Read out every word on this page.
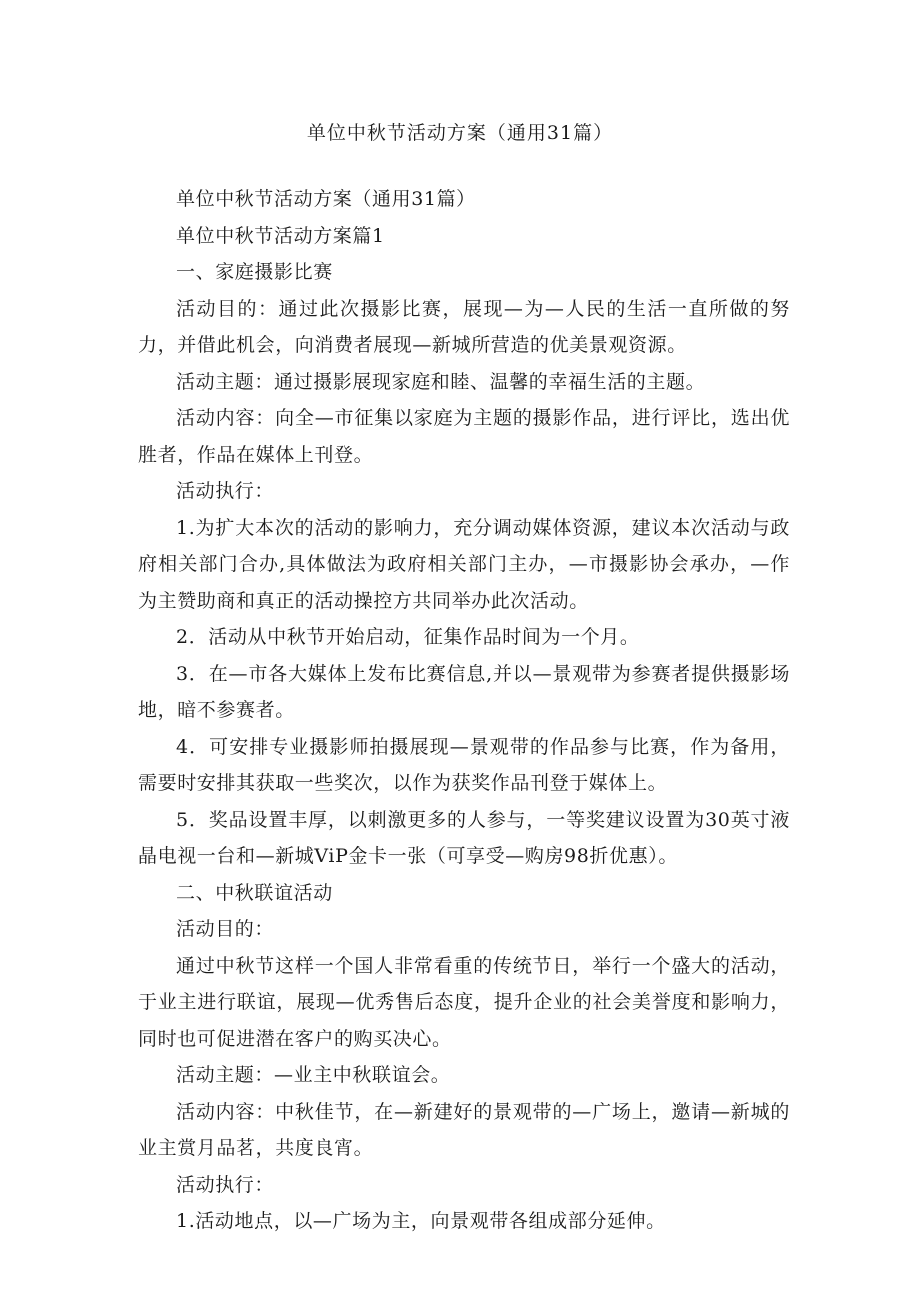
单位中秋节活动方案（通用31篇）

单位中秋节活动方案（通用31篇）

单位中秋节活动方案篇1

一、家庭摄影比赛

活动目的：通过此次摄影比赛，展现—为—人民的生活一直所做的努力，并借此机会，向消费者展现—新城所营造的优美景观资源。

活动主题：通过摄影展现家庭和睦、温馨的幸福生活的主题。

活动内容：向全—市征集以家庭为主题的摄影作品，进行评比，选出优胜者，作品在媒体上刊登。

活动执行：

1.为扩大本次的活动的影响力，充分调动媒体资源，建议本次活动与政府相关部门合办,具体做法为政府相关部门主办，—市摄影协会承办，—作为主赞助商和真正的活动操控方共同举办此次活动。

2．活动从中秋节开始启动，征集作品时间为一个月。

3．在—市各大媒体上发布比赛信息,并以—景观带为参赛者提供摄影场地，暗不参赛者。

4．可安排专业摄影师拍摄展现—景观带的作品参与比赛，作为备用，需要时安排其获取一些奖次，以作为获奖作品刊登于媒体上。

5．奖品设置丰厚，以刺激更多的人参与，一等奖建议设置为30英寸液晶电视一台和—新城ViP金卡一张（可享受—购房98折优惠）。

二、中秋联谊活动

活动目的：

通过中秋节这样一个国人非常看重的传统节日，举行一个盛大的活动，于业主进行联谊，展现—优秀售后态度，提升企业的社会美誉度和影响力，同时也可促进潜在客户的购买决心。

活动主题：—业主中秋联谊会。

活动内容：中秋佳节，在—新建好的景观带的—广场上，邀请—新城的业主赏月品茗，共度良宵。

活动执行：

1.活动地点，以—广场为主，向景观带各组成部分延伸。
